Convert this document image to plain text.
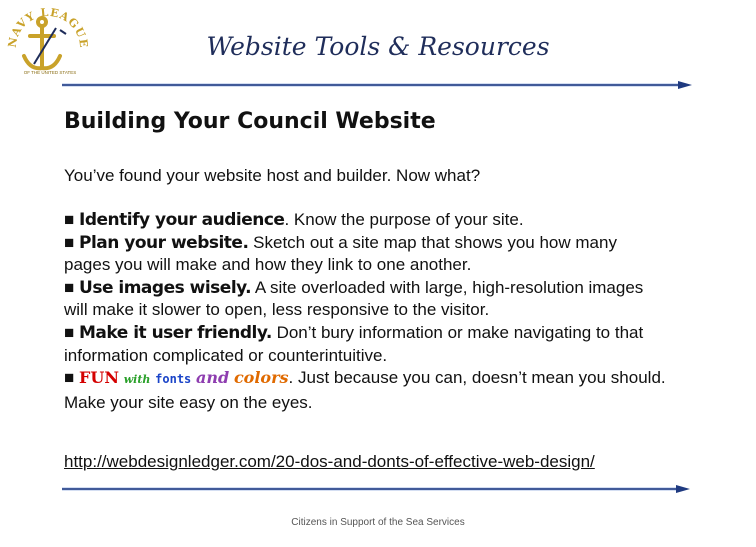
NAVY LEAGU
OF THE UNITED STATES
Website Tools & Resources
Building Your Council Website
You’ve found your website host and builder. Now what?
■ Identify your audience. Know the purpose of your site.
■ Plan your website. Sketch out a site map that shows you how many
pages you will make and how they link to one another.
■ Use images wisely. A site overloaded with large, high-resolution images
will make it slower to open, less responsive to the visitor.
■ Make it user friendly. Don’t bury information or make navigating to that
information complicated or counterintuitive.
■ FUN with fonts and colors. Just because you can, doesn’t mean you should.
Make your site easy on the eyes.
http://webdesignledger.com/20-dos-and-donts-of-effective-web-design/
Citizens in Support of the Sea Services
